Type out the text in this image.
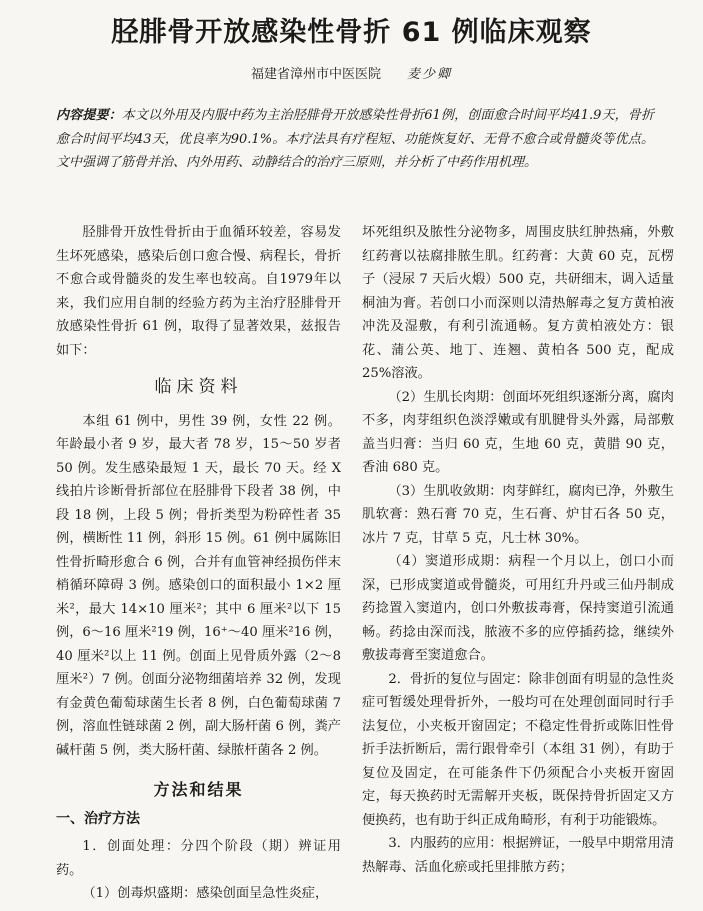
胫腓骨开放感染性骨折 61 例临床观察
福建省漳州市中医医院 麦少卿
内容提要：本文以外用及内服中药为主治胫腓骨开放感染性骨折61例，创面愈合时间平均41.9天，骨折愈合时间平均43天，优良率为90.1%。本疗法具有疗程短、功能恢复好、无骨不愈合或骨髓炎等优点。文中强调了筋骨并治、内外用药、动静结合的治疗三原则，并分析了中药作用机理。

胫腓骨开放性骨折由于血循环较差，容易发生坏死感染，感染后创口愈合慢、病程长，骨折不愈合或骨髓炎的发生率也较高。自1979年以来，我们应用自制的经验方药为主治疗胫腓骨开放感染性骨折 61 例，取得了显著效果，兹报告如下：

临床资料

本组 61 例中，男性 39 例，女性 22 例。年龄最小者 9 岁，最大者 78 岁，15～50 岁者 50 例。发生感染最短 1 天，最长 70 天。经 X 线拍片诊断骨折部位在胫腓骨下段者 38 例，中段 18 例，上段 5 例；骨折类型为粉碎性者 35 例，横断性 11 例，斜形 15 例。61 例中属陈旧性骨折畸形愈合 6 例，合并有血管神经损伤伴末梢循环障碍 3 例。感染创口的面积最小 1×2 厘米²，最大 14×10 厘米²；其中 6 厘米²以下 15 例，6～16 厘米²19 例，16⁺～40 厘米²16 例，40 厘米²以上 11 例。创面上见骨质外露（2～8 厘米²）7 例。创面分泌物细菌培养 32 例，发现有金黄色葡萄球菌生长者 8 例，白色葡萄球菌 7 例，溶血性链球菌 2 例，副大肠杆菌 6 例，粪产碱杆菌 5 例，类大肠杆菌、绿脓杆菌各 2 例。

方法和结果
一、治疗方法

1．创面处理：分四个阶段（期）辨证用药。

（1）创毒炽盛期：感染创面呈急性炎症，

坏死组织及脓性分泌物多，周围皮肤红肿热痛，外敷红药膏以祛腐排脓生肌。红药膏：大黄 60 克，瓦楞子（浸尿 7 天后火煅）500 克，共研细末，调入适量桐油为膏。若创口小而深则以清热解毒之复方黄柏液冲洗及湿敷，有利引流通畅。复方黄柏液处方：银花、蒲公英、地丁、连翘、黄柏各 500 克，配成 25%溶液。

（2）生肌长肉期：创面坏死组织逐渐分离，腐肉不多，肉芽组织色淡浮嫩或有肌腱骨头外露，局部敷盖当归膏：当归 60 克，生地 60 克，黄腊 90 克，香油 680 克。

（3）生肌收敛期：肉芽鲜红，腐肉已净，外敷生肌软膏：熟石膏 70 克，生石膏、炉甘石各 50 克，冰片 7 克，甘草 5 克，凡士林 30%。

（4）窦道形成期：病程一个月以上，创口小而深，已形成窦道或骨髓炎，可用红升丹或三仙丹制成药捻置入窦道内，创口外敷拔毒膏，保持窦道引流通畅。药捻由深而浅，脓液不多的应停插药捻，继续外敷拔毒膏至窦道愈合。

2．骨折的复位与固定：除非创面有明显的急性炎症可暂缓处理骨折外，一般均可在处理创面同时行手法复位，小夹板开窗固定；不稳定性骨折或陈旧性骨折手法折断后，需行跟骨牵引（本组 31 例），有助于复位及固定，在可能条件下仍须配合小夹板开窗固定，每天换药时无需解开夹板，既保持骨折固定又方便换药，也有助于纠正成角畸形，有利于功能锻炼。

3．内服药的应用：根据辨证，一般早中期常用清热解毒、活血化瘀或托里排脓方药；
